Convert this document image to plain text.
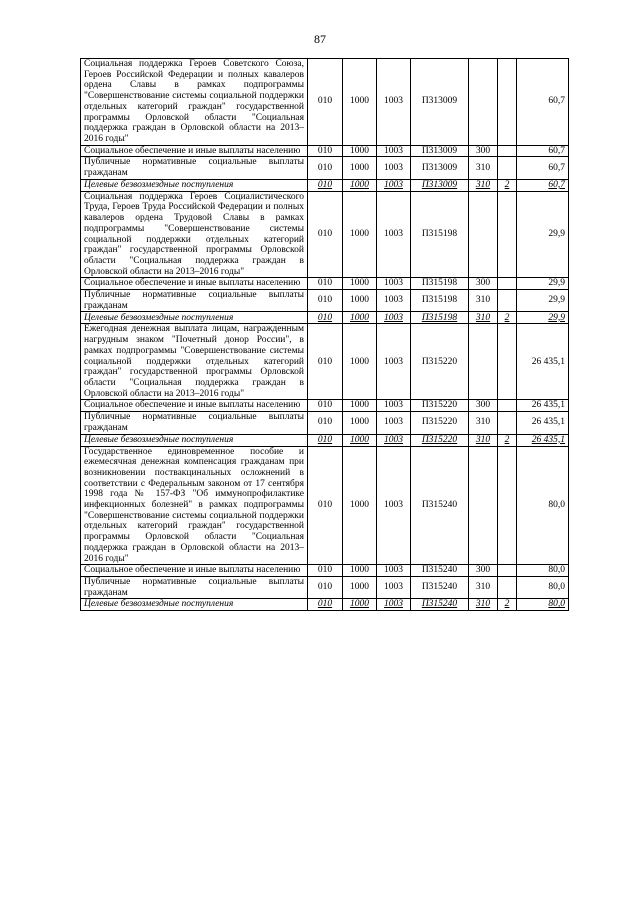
87
Социальная поддержка Героев Советского Союза, Героев Российской Федерации и полных кавалеров ордена Славы в рамках подпрограммы "Совершенствование системы социальной поддержки отдельных категорий граждан" государственной программы Орловской области "Социальная поддержка граждан в Орловской области на 2013–2016 годы"	010	1000	1003	П313009			60,7
Социальное обеспечение и иные выплаты населению	010	1000	1003	П313009	300		60,7
Публичные нормативные социальные выплаты гражданам	010	1000	1003	П313009	310		60,7
Целевые безвозмездные поступления	010	1000	1003	П313009	310	2	60,7
Социальная поддержка Героев Социалистического Труда, Героев Труда Российской Федерации и полных кавалеров ордена Трудовой Славы в рамках подпрограммы "Совершенствование системы социальной поддержки отдельных категорий граждан" государственной программы Орловской области "Социальная поддержка граждан в Орловской области на 2013–2016 годы"	010	1000	1003	П315198			29,9
Социальное обеспечение и иные выплаты населению	010	1000	1003	П315198	300		29,9
Публичные нормативные социальные выплаты гражданам	010	1000	1003	П315198	310		29,9
Целевые безвозмездные поступления	010	1000	1003	П315198	310	2	29,9
Ежегодная денежная выплата лицам, награжденным нагрудным знаком "Почетный донор России", в рамках подпрограммы "Совершенствование системы социальной поддержки отдельных категорий граждан" государственной программы Орловской области "Социальная поддержка граждан в Орловской области на 2013–2016 годы"	010	1000	1003	П315220			26 435,1
Социальное обеспечение и иные выплаты населению	010	1000	1003	П315220	300		26 435,1
Публичные нормативные социальные выплаты гражданам	010	1000	1003	П315220	310		26 435,1
Целевые безвозмездные поступления	010	1000	1003	П315220	310	2	26 435,1
Государственное единовременное пособие и ежемесячная денежная компенсация гражданам при возникновении поствакцинальных осложнений в соответствии с Федеральным законом от 17 сентября 1998 года № 157-ФЗ "Об иммунопрофилактике инфекционных болезней" в рамках подпрограммы "Совершенствование системы социальной поддержки отдельных категорий граждан" государственной программы Орловской области "Социальная поддержка граждан в Орловской области на 2013–2016 годы"	010	1000	1003	П315240			80,0
Социальное обеспечение и иные выплаты населению	010	1000	1003	П315240	300		80,0
Публичные нормативные социальные выплаты гражданам	010	1000	1003	П315240	310		80,0
Целевые безвозмездные поступления	010	1000	1003	П315240	310	2	80,0
